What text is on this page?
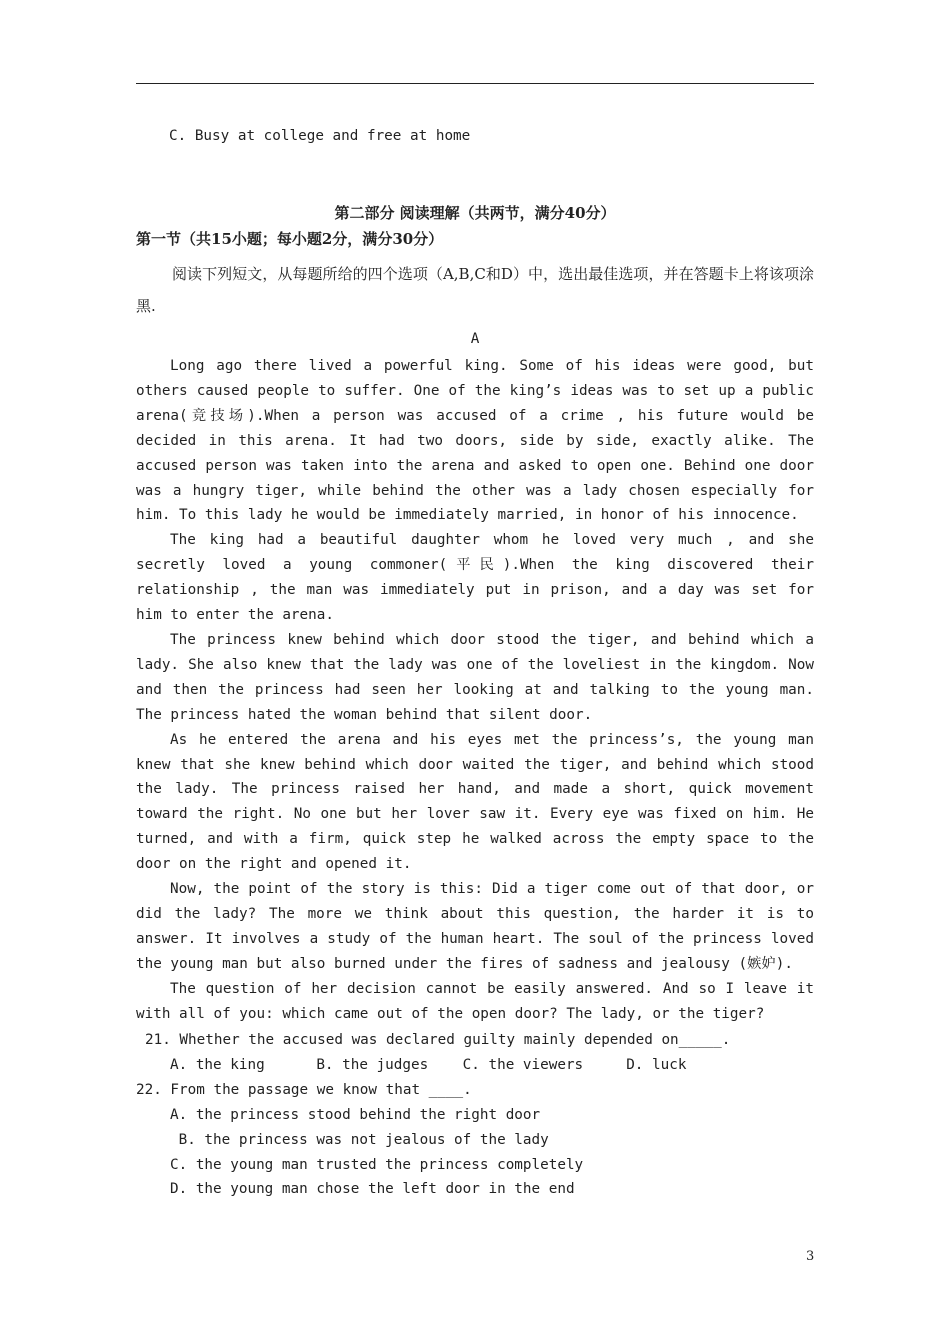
C. Busy at college and free at home
第二部分 阅读理解（共两节，满分40分）
第一节（共15小题；每小题2分，满分30分）
阅读下列短文，从每题所给的四个选项（A,B,C和D）中，选出最佳选项，并在答题卡上将该项涂黑.
A

Long ago there lived a powerful king. Some of his ideas were good, but others caused people to suffer. One of the king’s ideas was to set up a public arena(竞技场).When a person was accused of a crime , his future would be decided in this arena. It had two doors, side by side, exactly alike. The accused person was taken into the arena and asked to open one. Behind one door was a hungry tiger, while behind the other was a lady chosen especially for him. To this lady he would be immediately married, in honor of his innocence.

The king had a beautiful daughter whom he loved very much , and she secretly loved a young commoner(平民).When the king discovered their relationship , the man was immediately put in prison, and a day was set for him to enter the arena.

The princess knew behind which door stood the tiger, and behind which a lady. She also knew that the lady was one of the loveliest in the kingdom. Now and then the princess had seen her looking at and talking to the young man. The princess hated the woman behind that silent door.

As he entered the arena and his eyes met the princess’s, the young man knew that she knew behind which door waited the tiger, and behind which stood the lady. The princess raised her hand, and made a short, quick movement toward the right. No one but her lover saw it. Every eye was fixed on him. He turned, and with a firm, quick step he walked across the empty space to the door on the right and opened it.

Now, the point of the story is this: Did a tiger come out of that door, or did the lady? The more we think about this question, the harder it is to answer. It involves a study of the human heart. The soul of the princess loved the young man but also burned under the fires of sadness and jealousy (嫉妒).

The question of her decision cannot be easily answered. And so I leave it with all of you: which came out of the open door? The lady, or the tiger?

21. Whether the accused was declared guilty mainly depended on_____.
A. the king      B. the judges    C. the viewers     D. luck
22. From the passage we know that ____.
A. the princess stood behind the right door
B. the princess was not jealous of the lady
C. the young man trusted the princess completely
D. the young man chose the left door in the end
3
